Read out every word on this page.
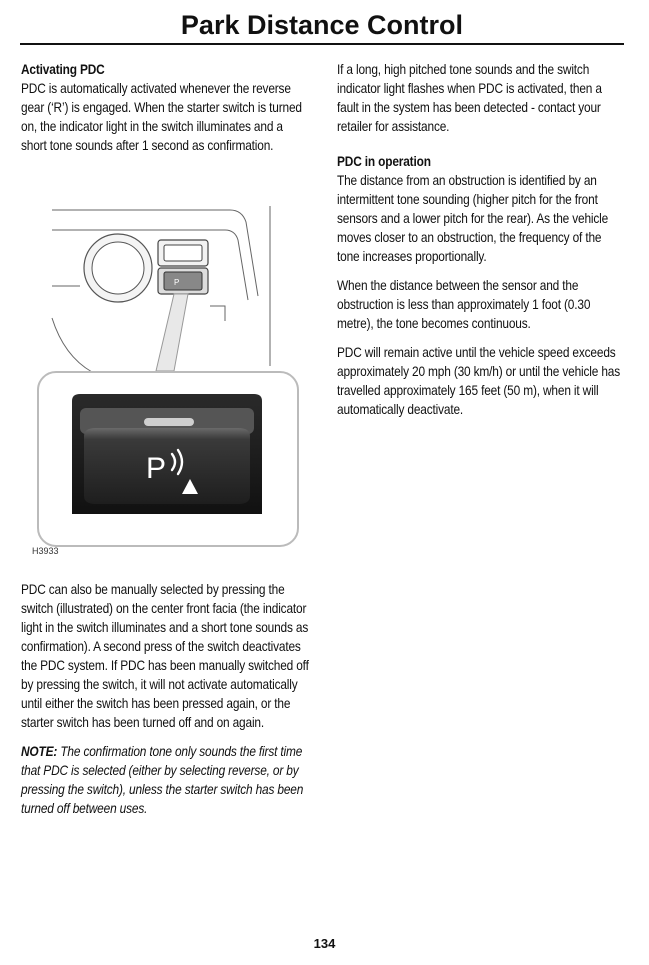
Park Distance Control
Activating PDC

PDC is automatically activated whenever the reverse gear (‘R’) is engaged. When the starter switch is turned on, the indicator light in the switch illuminates and a short tone sounds after 1 second as confirmation.

P
P
H3933

PDC can also be manually selected by pressing the switch (illustrated) on the center front facia (the indicator light in the switch illuminates and a short tone sounds as confirmation). A second press of the switch deactivates the PDC system. If PDC has been manually switched off by pressing the switch, it will not activate automatically until either the switch has been pressed again, or the starter switch has been turned off and on again.

NOTE: The confirmation tone only sounds the first time that PDC is selected (either by selecting reverse, or by pressing the switch), unless the starter switch has been turned off between uses.

If a long, high pitched tone sounds and the switch indicator light flashes when PDC is activated, then a fault in the system has been detected - contact your retailer for assistance.

PDC in operation

The distance from an obstruction is identified by an intermittent tone sounding (higher pitch for the front sensors and a lower pitch for the rear). As the vehicle moves closer to an obstruction, the frequency of the tone increases proportionally.

When the distance between the sensor and the obstruction is less than approximately 1 foot (0.30 metre), the tone becomes continuous.

PDC will remain active until the vehicle speed exceeds approximately 20 mph (30 km/h) or until the vehicle has travelled approximately 165 feet (50 m), when it will automatically deactivate.

134
